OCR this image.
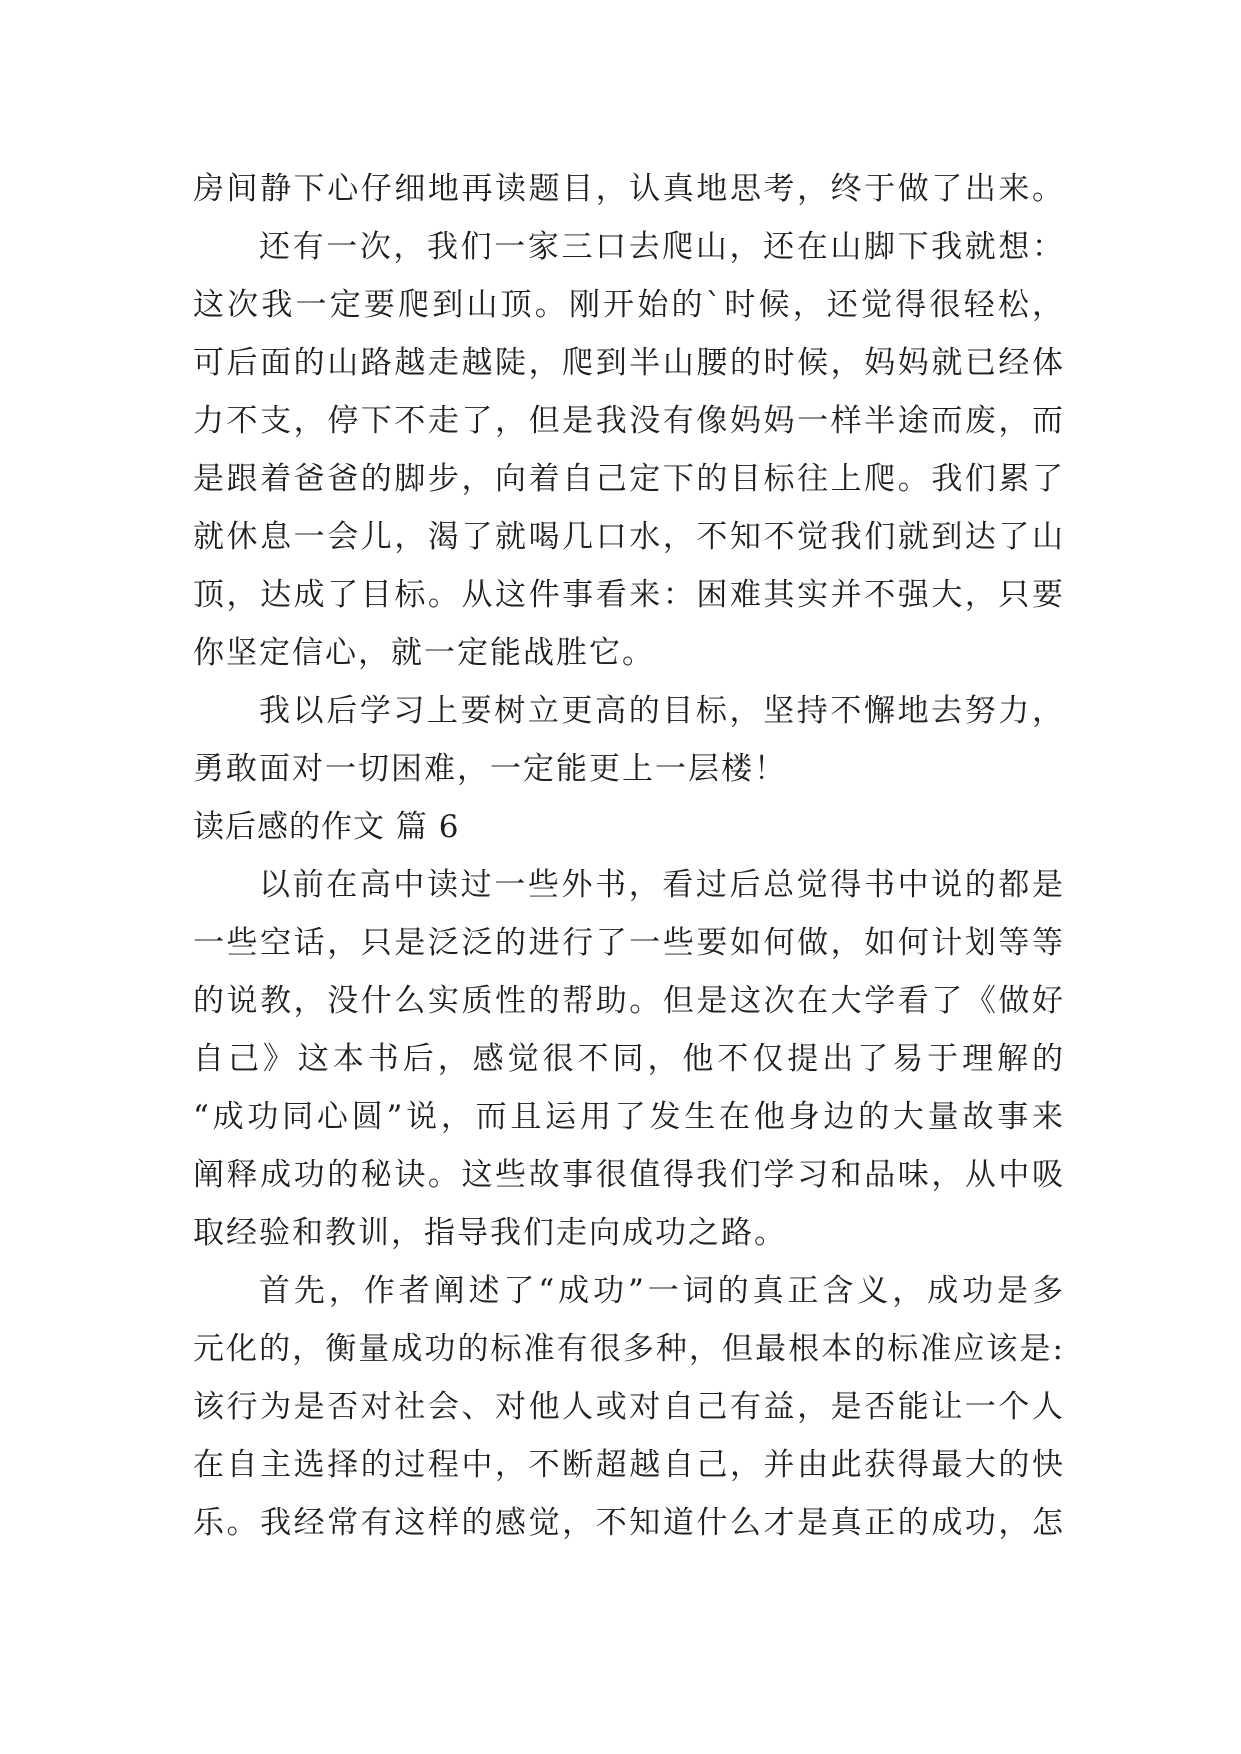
房间静下心仔细地再读题目，认真地思考，终于做了出来。
还有一次，我们一家三口去爬山，还在山脚下我就想：
这次我一定要爬到山顶。刚开始的`时候，还觉得很轻松，
可后面的山路越走越陡，爬到半山腰的时候，妈妈就已经体
力不支，停下不走了，但是我没有像妈妈一样半途而废，而
是跟着爸爸的脚步，向着自己定下的目标往上爬。我们累了
就休息一会儿，渴了就喝几口水，不知不觉我们就到达了山
顶，达成了目标。从这件事看来：困难其实并不强大，只要
你坚定信心，就一定能战胜它。
我以后学习上要树立更高的目标，坚持不懈地去努力，
勇敢面对一切困难，一定能更上一层楼！
读后感的作文 篇 6
以前在高中读过一些外书，看过后总觉得书中说的都是
一些空话，只是泛泛的进行了一些要如何做，如何计划等等
的说教，没什么实质性的帮助。但是这次在大学看了《做好
自己》这本书后，感觉很不同，他不仅提出了易于理解的
“成功同心圆”说，而且运用了发生在他身边的大量故事来
阐释成功的秘诀。这些故事很值得我们学习和品味，从中吸
取经验和教训，指导我们走向成功之路。
首先，作者阐述了“成功”一词的真正含义，成功是多
元化的，衡量成功的标准有很多种，但最根本的标准应该是:
该行为是否对社会、对他人或对自己有益，是否能让一个人
在自主选择的过程中，不断超越自己，并由此获得最大的快
乐。我经常有这样的感觉，不知道什么才是真正的成功，怎
